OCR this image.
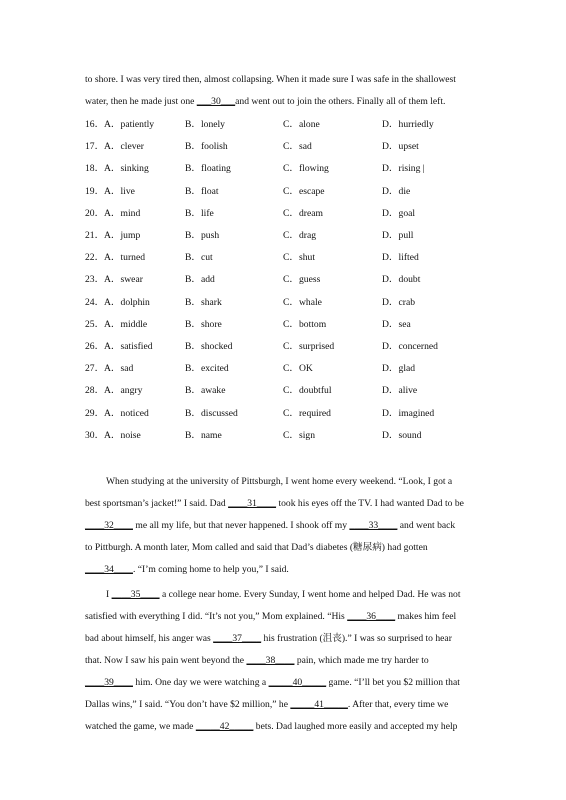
to shore. I was very tired then, almost collapsing. When it made sure I was safe in the shallowest
water, then he made just one ___30___and went out to join the others. Finally all of them left.
16． A．patiently	B．lonely	C．alone	D．hurriedly
17． A．clever	B．foolish	C．sad	D．upset
18． A．sinking	B．floating	C．flowing	D．rising |
19． A．live	B．float	C．escape	D．die
20． A．mind	B．life	C．dream	D．goal
21． A．jump	B．push	C．drag	D．pull
22． A．turned	B．cut	C．shut	D．lifted
23． A．swear	B．add	C．guess	D．doubt
24． A．dolphin	B．shark	C．whale	D．crab
25． A．middle	B．shore	C．bottom	D．sea
26． A．satisfied	B．shocked	C．surprised	D．concerned
27． A．sad	B．excited	C．OK	D．glad
28． A．angry	B．awake	C．doubtful	D．alive
29． A．noticed	B．discussed	C．required	D．imagined
30． A．noise	B．name	C．sign	D．sound
When studying at the university of Pittsburgh, I went home every weekend. “Look, I got a
best sportsman’s jacket!” I said. Dad ____31____ took his eyes off the TV. I had wanted Dad to be
____32____ me all my life, but that never happened. I shook off my ____33____ and went back
to Pittburgh. A month later, Mom called and said that Dad’s diabetes (糖尿病) had gotten
____34____. “I’m coming home to help you,” I said.
I ____35____ a college near home. Every Sunday, I went home and helped Dad. He was not
satisfied with everything I did. “It’s not you,” Mom explained. “His ____36____ makes him feel
bad about himself, his anger was ____37____ his frustration (沮丧).” I was so surprised to hear
that. Now I saw his pain went beyond the ____38____ pain, which made me try harder to
____39____ him. One day we were watching a _____40_____ game. “I’ll bet you $2 million that
Dallas wins,” I said. “You don’t have $2 million,” he _____41_____. After that, every time we
watched the game, we made _____42_____ bets. Dad laughed more easily and accepted my help
